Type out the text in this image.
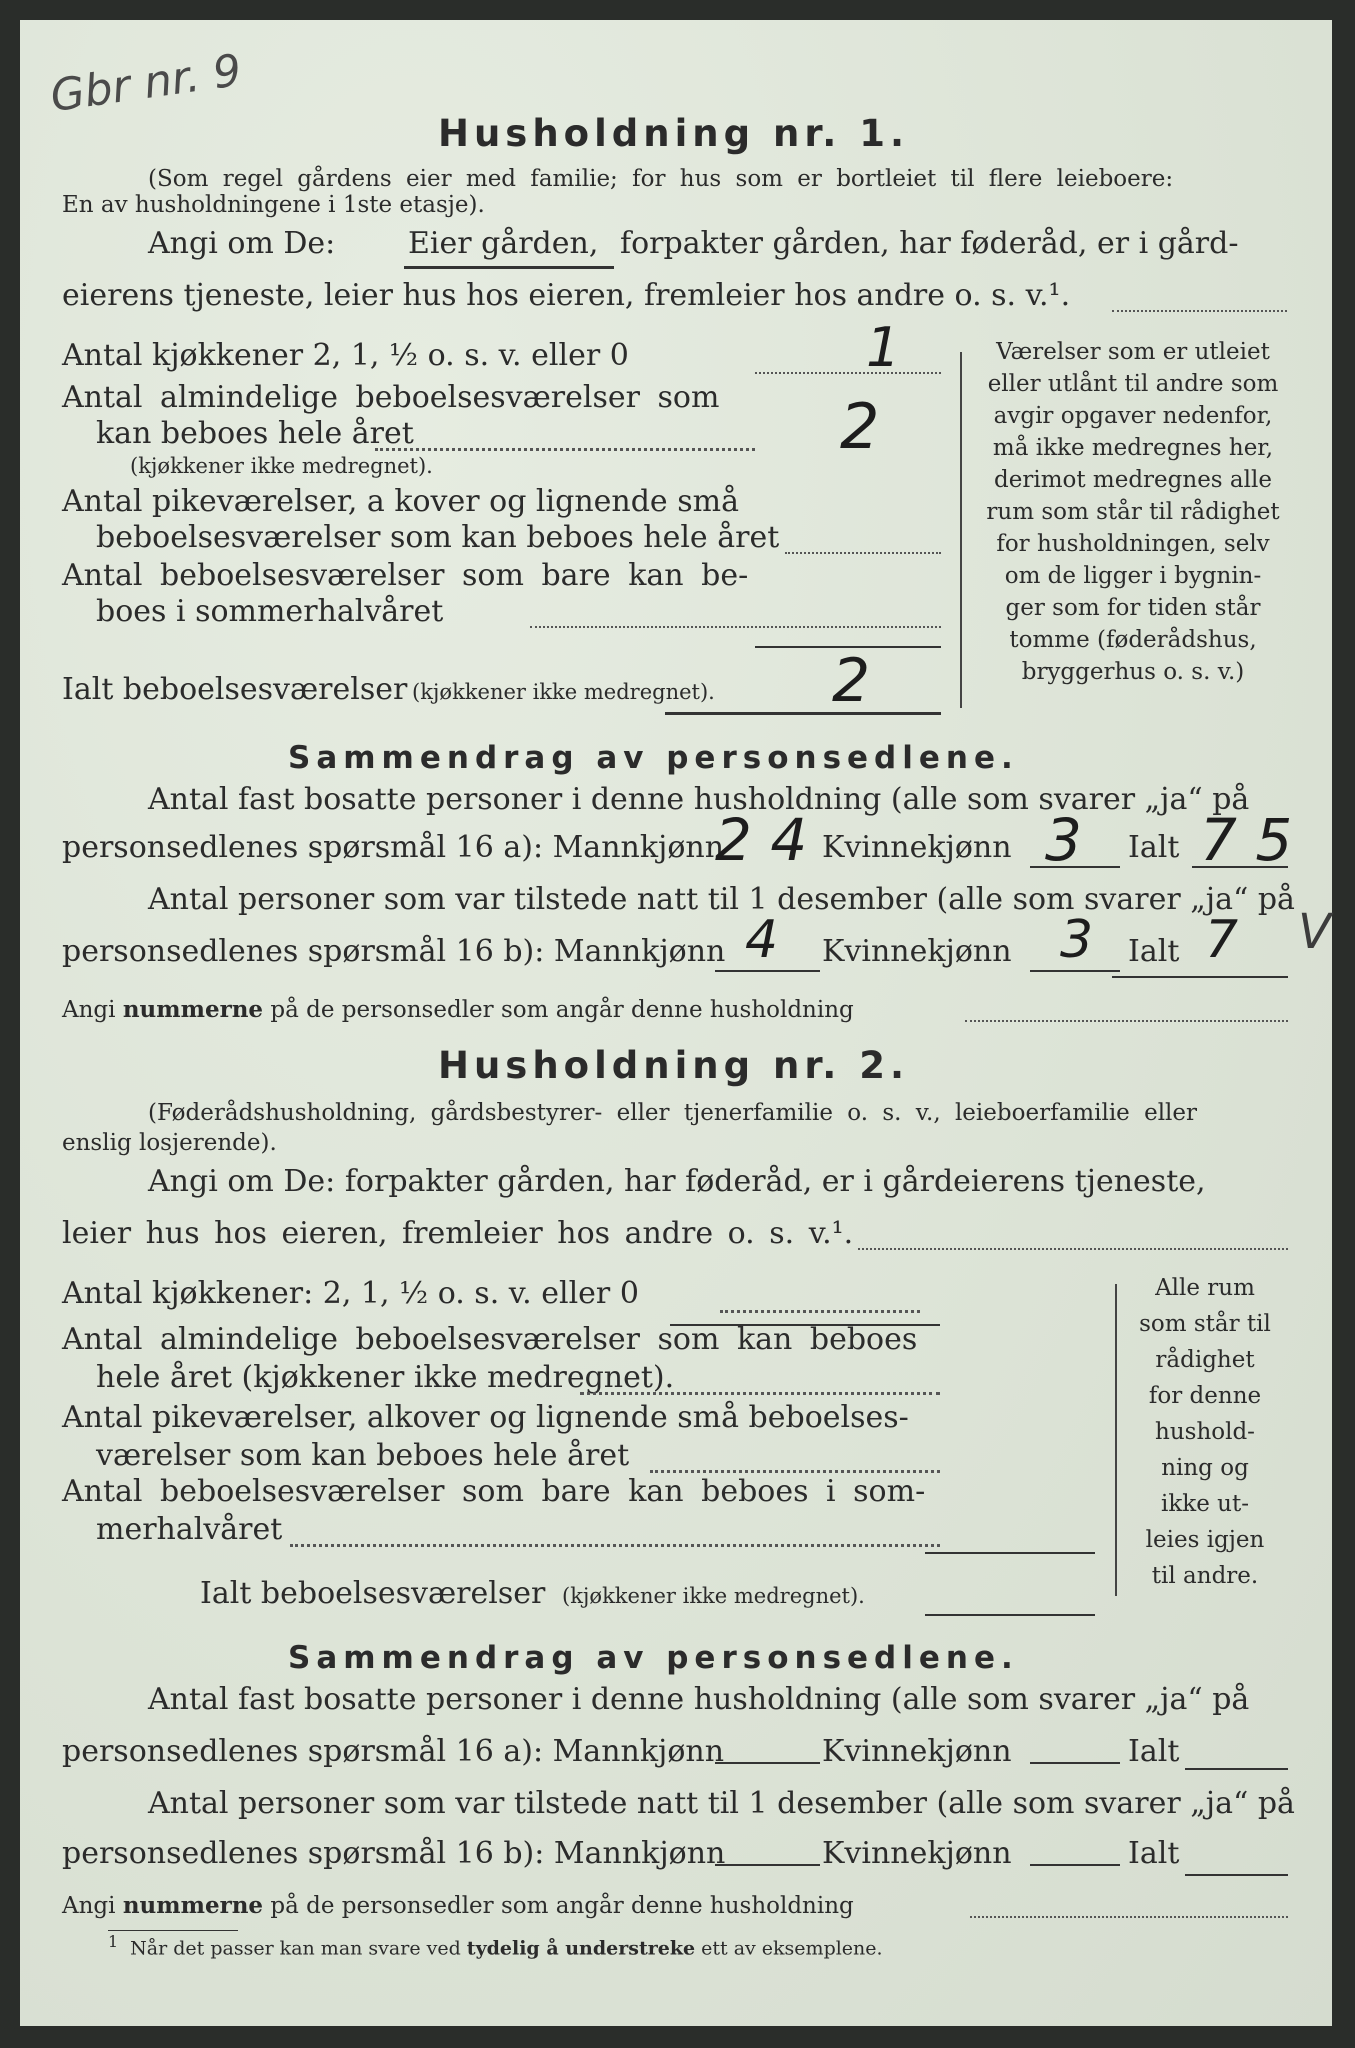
Gbr nr. 9
Husholdning nr. 1.
(Som regel gårdens eier med familie; for hus som er bortleiet til flere leieboere:
En av husholdningene i 1ste etasje).
Angi om De: Eier gården, forpakter gården, har føderåd, er i gård-
eierens tjeneste, leier hus hos eieren, fremleier hos andre o. s. v.¹.
Antal kjøkkener 2, 1, ½ o. s. v. eller 0	1
Antal almindelige beboelsesværelser som
kan beboes hele året	2
(kjøkkener ikke medregnet).
Antal pikeværelser, a kover og lignende små
beboelsesværelser som kan beboes hele året
Antal beboelsesværelser som bare kan be-
boes i sommerhalvåret
Ialt beboelsesværelser (kjøkkener ikke medregnet). 2
Værelser som er utleiet
eller utlånt til andre som
avgir opgaver nedenfor,
må ikke medregnes her,
derimot medregnes alle
rum som står til rådighet
for husholdningen, selv
om de ligger i bygnin-
ger som for tiden står
tomme (føderådshus,
bryggerhus o. s. v.)
Sammendrag av personsedlene.
Antal fast bosatte personer i denne husholdning (alle som svarer „ja“ på
personsedlenes spørsmål 16 a): Mannkjønn
2 4 Kvinnekjønn 3 Ialt 7 5
Antal personer som var tilstede natt til 1 desember (alle som svarer „ja“ på
personsedlenes spørsmål 16 b): Mannkjønn 4 Kvinnekjønn 3 Ialt 7 V
Angi nummerne på de personsedler som angår denne husholdning
Husholdning nr. 2.
(Føderådshusholdning, gårdsbestyrer- eller tjenerfamilie o. s. v., leieboerfamilie eller
enslig losjerende).
Angi om De: forpakter gården, har føderåd, er i gårdeierens tjeneste,
leier hus hos eieren, fremleier hos andre o. s. v.¹.
Antal kjøkkener: 2, 1, ½ o. s. v. eller 0
Antal almindelige beboelsesværelser som kan beboes
hele året (kjøkkener ikke medregnet).
Antal pikeværelser, alkover og lignende små beboelses-
værelser som kan beboes hele året
Antal beboelsesværelser som bare kan beboes i som-
merhalvåret
Ialt beboelsesværelser (kjøkkener ikke medregnet).
Alle rum
som står til
rådighet
for denne
hushold-
ning og
ikke ut-
leies igjen
til andre.
Sammendrag av personsedlene.
Antal fast bosatte personer i denne husholdning (alle som svarer „ja“ på
personsedlenes spørsmål 16 a): Mannkjønn	Kvinnekjønn	Ialt
Antal personer som var tilstede natt til 1 desember (alle som svarer „ja“ på
personsedlenes spørsmål 16 b): Mannkjønn	Kvinnekjønn	Ialt
Angi nummerne på de personsedler som angår denne husholdning
$^1$ Når det passer kan man svare ved tydelig å understreke ett av eksemplene.
